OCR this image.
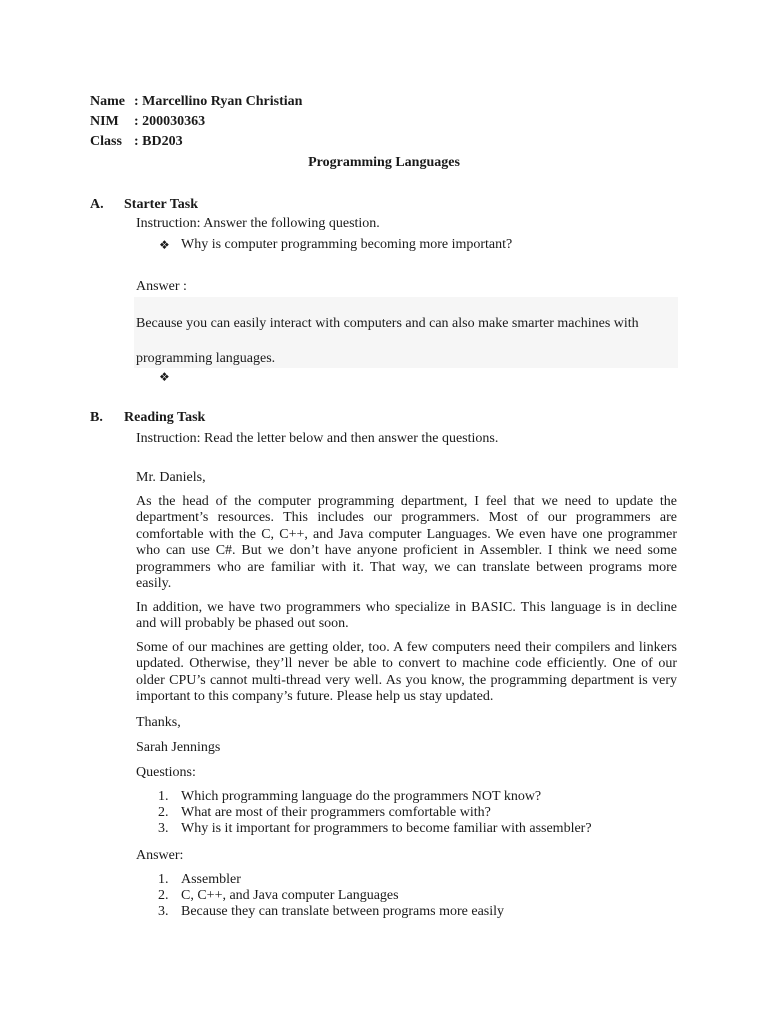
Name : Marcellino Ryan Christian
NIM : 200030363
Class : BD203
Programming Languages
A. Starter Task
Instruction: Answer the following question.
❖ Why is computer programming becoming more important?
Answer :
Because you can easily interact with computers and can also make smarter machines with
programming languages.
❖
B. Reading Task
Instruction: Read the letter below and then answer the questions.
Mr. Daniels,
As the head of the computer programming department, I feel that we need to update the department’s resources. This includes our programmers. Most of our programmers are comfortable with the C, C++, and Java computer Languages. We even have one programmer who can use C#. But we don’t have anyone proficient in Assembler. I think we need some programmers who are familiar with it. That way, we can translate between programs more easily.
In addition, we have two programmers who specialize in BASIC. This language is in decline and will probably be phased out soon.
Some of our machines are getting older, too. A few computers need their compilers and linkers updated. Otherwise, they’ll never be able to convert to machine code efficiently. One of our older CPU’s cannot multi-thread very well. As you know, the programming department is very important to this company’s future. Please help us stay updated.
Thanks,
Sarah Jennings
Questions:
1. Which programming language do the programmers NOT know?
2. What are most of their programmers comfortable with?
3. Why is it important for programmers to become familiar with assembler?
Answer:
1. Assembler
2. C, C++, and Java computer Languages
3. Because they can translate between programs more easily
